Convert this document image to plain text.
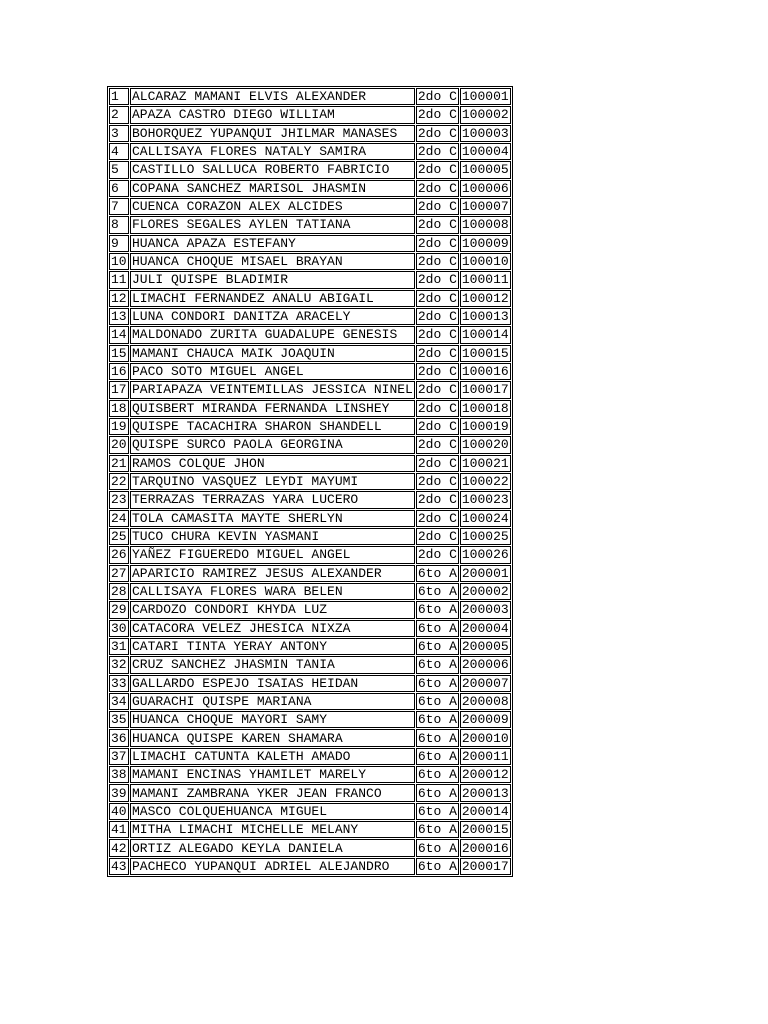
1	ALCARAZ MAMANI ELVIS ALEXANDER	2do C	100001
2	APAZA CASTRO DIEGO WILLIAM	2do C	100002
3	BOHORQUEZ YUPANQUI JHILMAR MANASES	2do C	100003
4	CALLISAYA FLORES NATALY SAMIRA	2do C	100004
5	CASTILLO SALLUCA ROBERTO FABRICIO	2do C	100005
6	COPANA SANCHEZ MARISOL JHASMIN	2do C	100006
7	CUENCA CORAZON ALEX ALCIDES	2do C	100007
8	FLORES SEGALES AYLEN TATIANA	2do C	100008
9	HUANCA APAZA ESTEFANY	2do C	100009
10	HUANCA CHOQUE MISAEL BRAYAN	2do C	100010
11	JULI QUISPE BLADIMIR	2do C	100011
12	LIMACHI FERNANDEZ ANALU ABIGAIL	2do C	100012
13	LUNA CONDORI DANITZA ARACELY	2do C	100013
14	MALDONADO ZURITA GUADALUPE GENESIS	2do C	100014
15	MAMANI CHAUCA MAIK JOAQUIN	2do C	100015
16	PACO SOTO MIGUEL ANGEL	2do C	100016
17	PARIAPAZA VEINTEMILLAS JESSICA NINEL	2do C	100017
18	QUISBERT MIRANDA FERNANDA LINSHEY	2do C	100018
19	QUISPE TACACHIRA SHARON SHANDELL	2do C	100019
20	QUISPE SURCO PAOLA GEORGINA	2do C	100020
21	RAMOS COLQUE JHON	2do C	100021
22	TARQUINO VASQUEZ LEYDI MAYUMI	2do C	100022
23	TERRAZAS TERRAZAS YARA LUCERO	2do C	100023
24	TOLA CAMASITA MAYTE SHERLYN	2do C	100024
25	TUCO CHURA KEVIN YASMANI	2do C	100025
26	YAÑEZ FIGUEREDO MIGUEL ANGEL	2do C	100026
27	APARICIO RAMIREZ JESUS ALEXANDER	6to A	200001
28	CALLISAYA FLORES WARA BELEN	6to A	200002
29	CARDOZO CONDORI KHYDA LUZ	6to A	200003
30	CATACORA VELEZ JHESICA NIXZA	6to A	200004
31	CATARI TINTA YERAY ANTONY	6to A	200005
32	CRUZ SANCHEZ JHASMIN TANIA	6to A	200006
33	GALLARDO ESPEJO ISAIAS HEIDAN	6to A	200007
34	GUARACHI QUISPE MARIANA	6to A	200008
35	HUANCA CHOQUE MAYORI SAMY	6to A	200009
36	HUANCA QUISPE KAREN SHAMARA	6to A	200010
37	LIMACHI CATUNTA KALETH AMADO	6to A	200011
38	MAMANI ENCINAS YHAMILET MARELY	6to A	200012
39	MAMANI ZAMBRANA YKER JEAN FRANCO	6to A	200013
40	MASCO COLQUEHUANCA MIGUEL	6to A	200014
41	MITHA LIMACHI MICHELLE MELANY	6to A	200015
42	ORTIZ ALEGADO KEYLA DANIELA	6to A	200016
43	PACHECO YUPANQUI ADRIEL ALEJANDRO	6to A	200017
